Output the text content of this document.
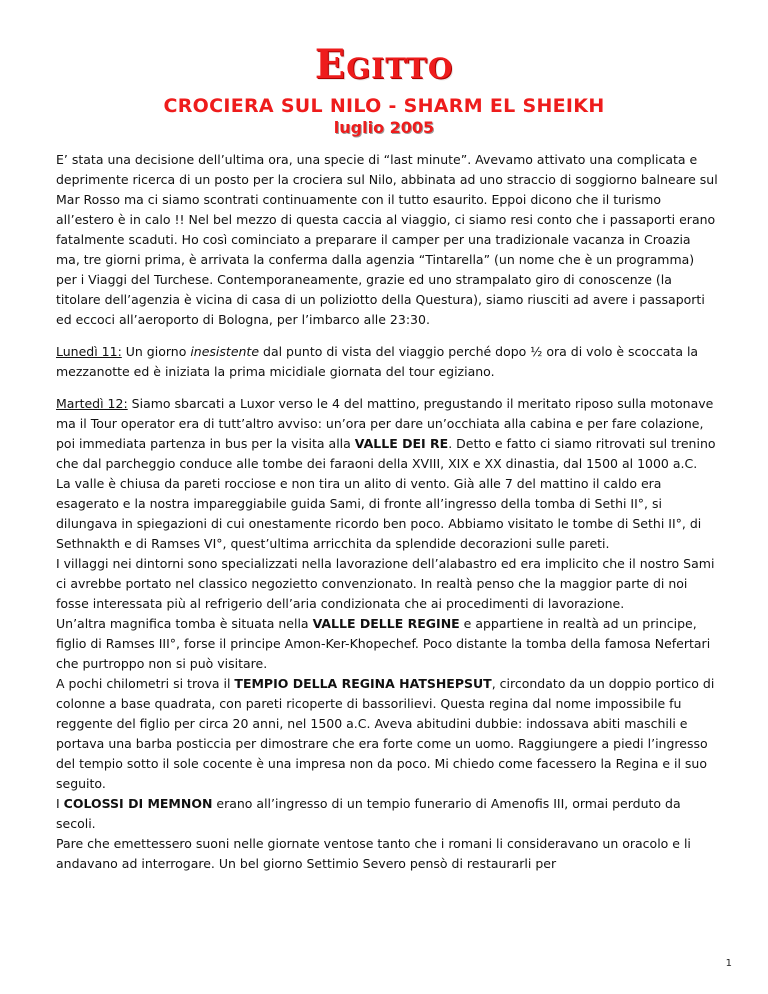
Egitto
CROCIERA SUL NILO - SHARM EL SHEIKH
luglio 2005

E’ stata una decisione dell’ultima ora, una specie di “last minute”. Avevamo attivato una complicata e deprimente ricerca di un posto per la crociera sul Nilo, abbinata ad uno straccio di soggiorno balneare sul Mar Rosso ma ci siamo scontrati continuamente con il tutto esaurito. Eppoi dicono che il turismo all’estero è in calo !! Nel bel mezzo di questa caccia al viaggio, ci siamo resi conto che i passaporti erano fatalmente scaduti. Ho così cominciato a preparare il camper per una tradizionale vacanza in Croazia ma, tre giorni prima, è arrivata la conferma dalla agenzia “Tintarella” (un nome che è un programma) per i Viaggi del Turchese. Contemporaneamente, grazie ed uno strampalato giro di conoscenze (la titolare dell’agenzia è vicina di casa di un poliziotto della Questura), siamo riusciti ad avere i passaporti ed eccoci all’aeroporto di Bologna, per l’imbarco alle 23:30.

Lunedì 11: Un giorno inesistente dal punto di vista del viaggio perché dopo ½ ora di volo è scoccata la mezzanotte ed è iniziata la prima micidiale giornata del tour egiziano.

Martedì 12: Siamo sbarcati a Luxor verso le 4 del mattino, pregustando il meritato riposo sulla motonave ma il Tour operator era di tutt’altro avviso: un’ora per dare un’occhiata alla cabina e per fare colazione, poi immediata partenza in bus per la visita alla VALLE DEI RE. Detto e fatto ci siamo ritrovati sul trenino che dal parcheggio conduce alle tombe dei faraoni della XVIII, XIX e XX dinastia, dal 1500 al 1000 a.C.

La valle è chiusa da pareti rocciose e non tira un alito di vento. Già alle 7 del mattino il caldo era esagerato e la nostra impareggiabile guida Sami, di fronte all’ingresso della tomba di Sethi II°, si dilungava in spiegazioni di cui onestamente ricordo ben poco. Abbiamo visitato le tombe di Sethi II°, di Sethnakth e di Ramses VI°, quest’ultima arricchita da splendide decorazioni sulle pareti.

I villaggi nei dintorni sono specializzati nella lavorazione dell’alabastro ed era implicito che il nostro Sami ci avrebbe portato nel classico negozietto convenzionato. In realtà penso che la maggior parte di noi fosse interessata più al refrigerio dell’aria condizionata che ai procedimenti di lavorazione.

Un’altra magnifica tomba è situata nella VALLE DELLE REGINE e appartiene in realtà ad un principe, figlio di Ramses III°, forse il principe Amon-Ker-Khopechef. Poco distante la tomba della famosa Nefertari che purtroppo non si può visitare.

A pochi chilometri si trova il TEMPIO DELLA REGINA HATSHEPSUT, circondato da un doppio portico di colonne a base quadrata, con pareti ricoperte di bassorilievi. Questa regina dal nome impossibile fu reggente del figlio per circa 20 anni, nel 1500 a.C. Aveva abitudini dubbie: indossava abiti maschili e portava una barba posticcia per dimostrare che era forte come un uomo. Raggiungere a piedi l’ingresso del tempio sotto il sole cocente è una impresa non da poco. Mi chiedo come facessero la Regina e il suo seguito.

I COLOSSI DI MEMNON erano all’ingresso di un tempio funerario di Amenofis III, ormai perduto da secoli.

Pare che emettessero suoni nelle giornate ventose tanto che i romani li consideravano un oracolo e li andavano ad interrogare. Un bel giorno Settimio Severo pensò di restaurarli per

1
